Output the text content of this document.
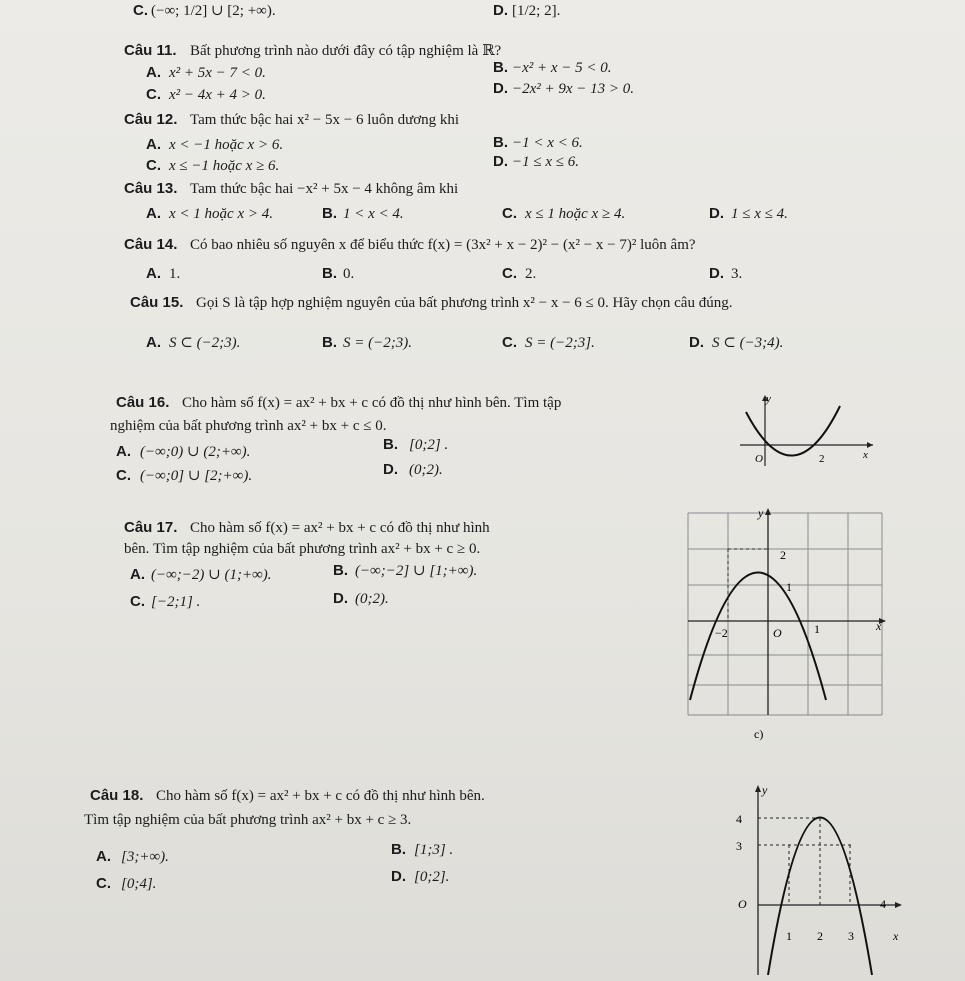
C. (−∞; 1/2] ∪ [2; +∞).	D. [1/2; 2].
Câu 11. Bất phương trình nào dưới đây có tập nghiệm là ℝ?
A. x² + 5x − 7 < 0.	B. −x² + x − 5 < 0.
C. x² − 4x + 4 > 0.	D. −2x² + 9x − 13 > 0.
Câu 12. Tam thức bậc hai x² − 5x − 6 luôn dương khi
A. x < −1 hoặc x > 6.	B. −1 < x < 6.
C. x ≤ −1 hoặc x ≥ 6.	D. −1 ≤ x ≤ 6.
Câu 13. Tam thức bậc hai −x² + 5x − 4 không âm khi
A. x < 1 hoặc x > 4.	B. 1 < x < 4.	C. x ≤ 1 hoặc x ≥ 4.	D. 1 ≤ x ≤ 4.
Câu 14. Có bao nhiêu số nguyên x để biểu thức f(x) = (3x² + x − 2)² − (x² − x − 7)² luôn âm?
A. 1.	B. 0.	C. 2.	D. 3.
Câu 15. Gọi S là tập hợp nghiệm nguyên của bất phương trình x² − x − 6 ≤ 0. Hãy chọn câu đúng.
A. S ⊂ (−2;3).	B. S = (−2;3).	C. S = (−2;3].	D. S ⊂ (−3;4).
Câu 16. Cho hàm số f(x) = ax² + bx + c có đồ thị như hình bên. Tìm tập
nghiệm của bất phương trình ax² + bx + c ≤ 0.
A. (−∞;0) ∪ (2;+∞).	B. [0;2] .
C. (−∞;0] ∪ [2;+∞).	D. (0;2).
y
x
O	2
Câu 17. Cho hàm số f(x) = ax² + bx + c có đồ thị như hình
bên. Tìm tập nghiệm của bất phương trình ax² + bx + c ≥ 0.
A. (−∞;−2) ∪ (1;+∞).	B. (−∞;−2] ∪ [1;+∞).
C. [−2;1] .	D. (0;2).
y
x
O
2
1
−2	1
c)
Câu 18. Cho hàm số f(x) = ax² + bx + c có đồ thị như hình bên.
Tìm tập nghiệm của bất phương trình ax² + bx + c ≥ 3.
A. [3;+∞).	B. [1;3] .
C. [0;4].	D. [0;2].
y
x
O
4
3
1 2 3
4
